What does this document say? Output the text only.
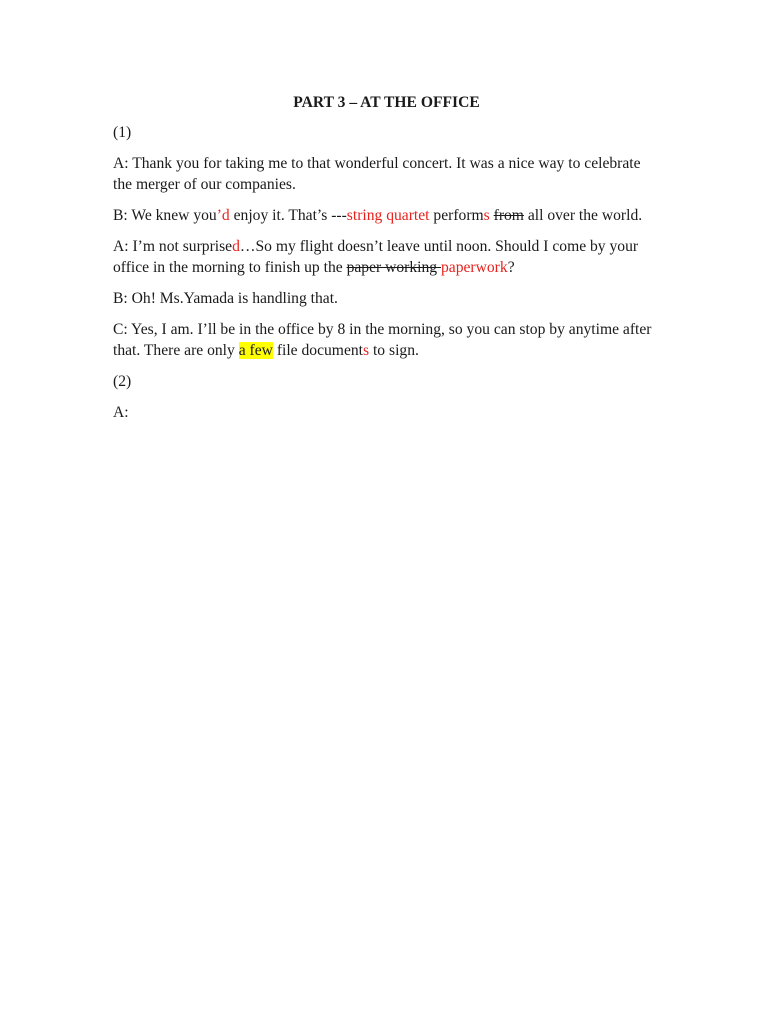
PART 3 – AT THE OFFICE

(1)

A: Thank you for taking me to that wonderful concert. It was a nice way to celebrate the merger of our companies.

B: We knew you’d enjoy it. That’s ---string quartet performs from all over the world.

A: I’m not surprised…So my flight doesn’t leave until noon. Should I come by your office in the morning to finish up the paper working paperwork?

B: Oh! Ms.Yamada is handling that.

C: Yes, I am. I’ll be in the office by 8 in the morning, so you can stop by anytime after that. There are only a few file documents to sign.

(2)

A:
